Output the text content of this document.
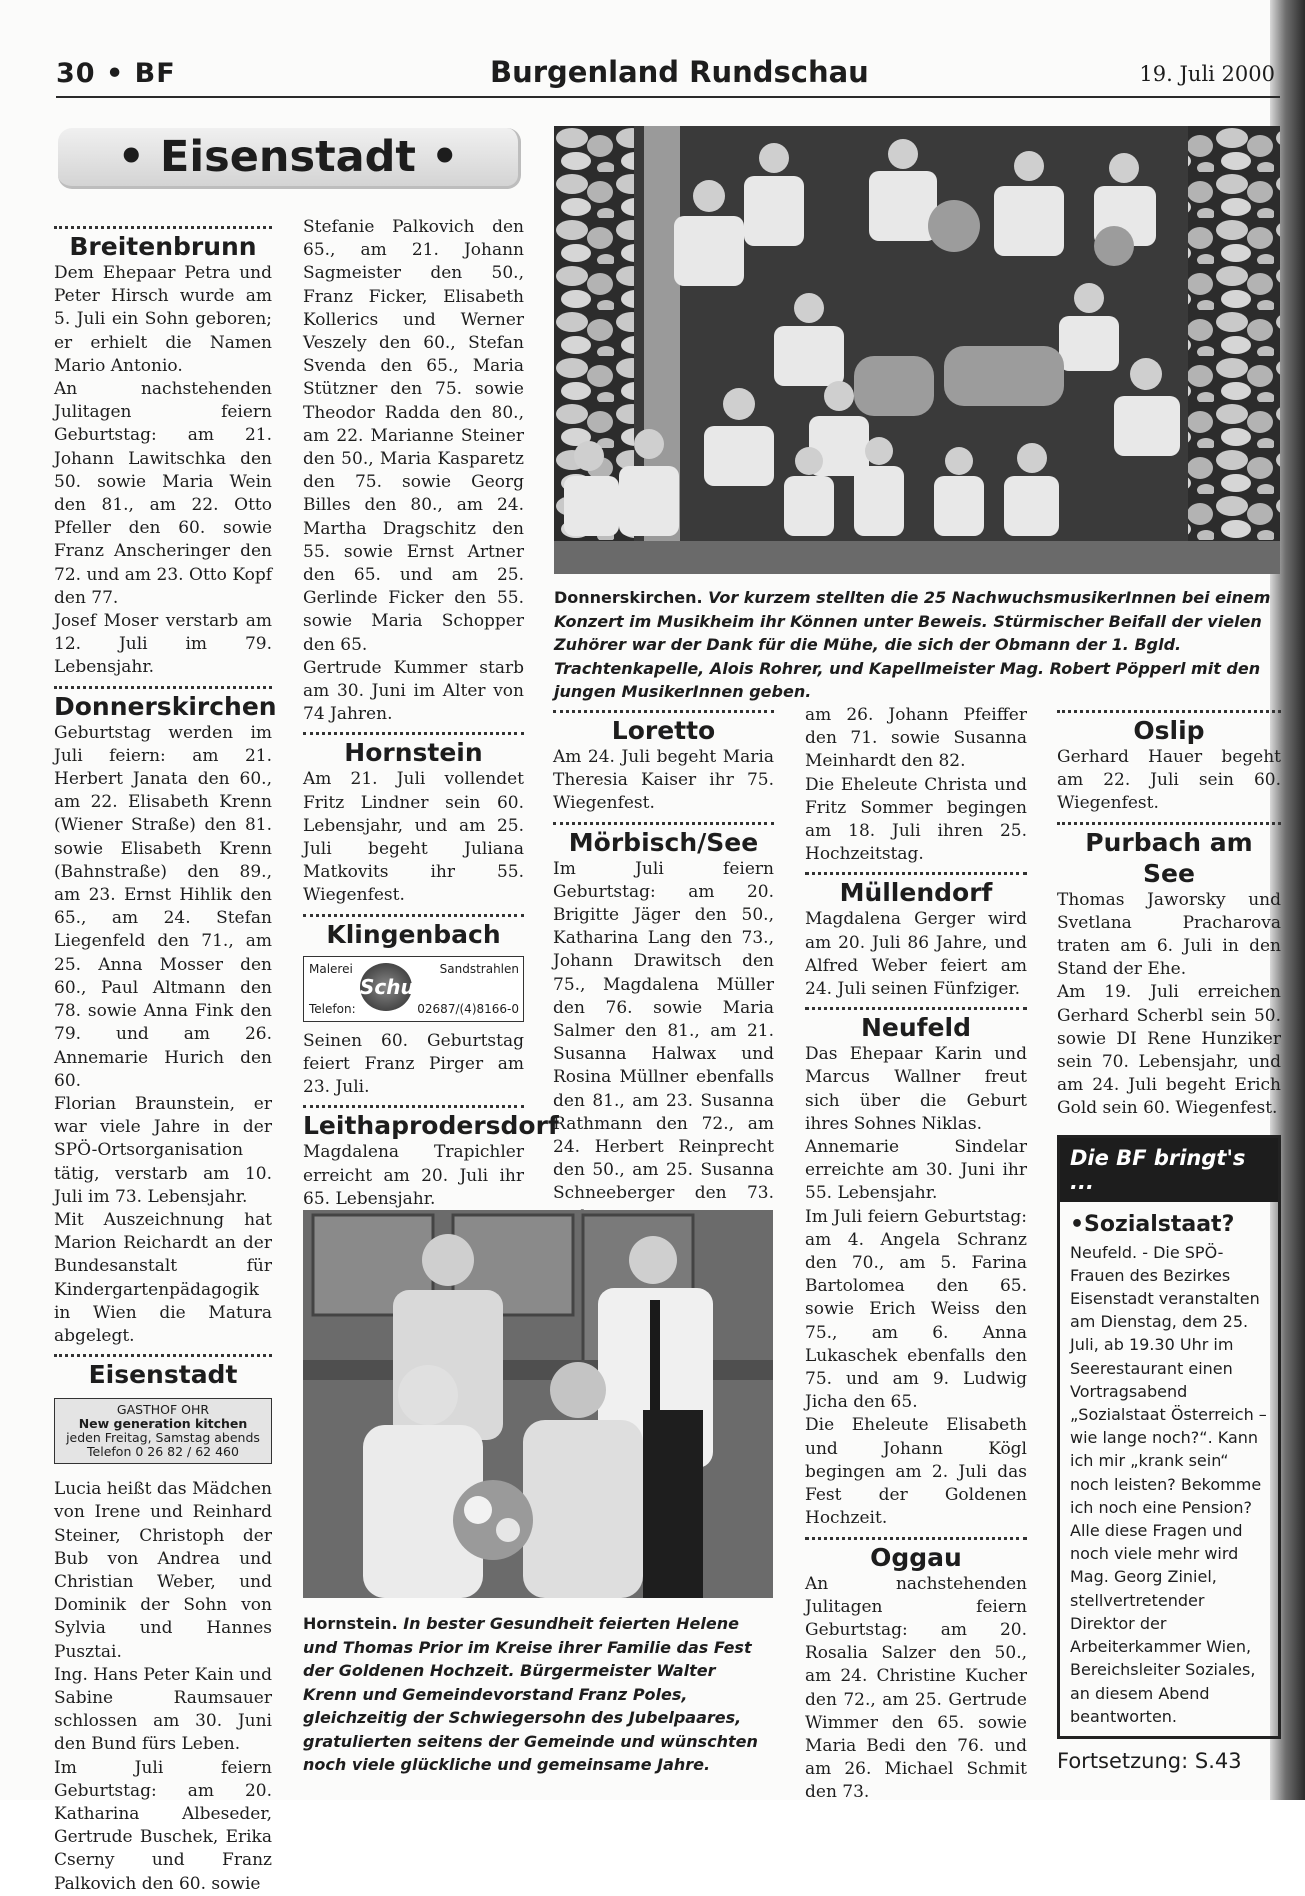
30 • BF	Burgenland Rundschau	19. Juli 2000
• Eisenstadt •
Breitenbrunn

Dem Ehepaar Petra und Peter Hirsch wurde am 5. Juli ein Sohn geboren; er erhielt die Namen Mario Antonio.

An nachstehenden Julitagen feiern Geburtstag: am 21. Johann Lawitschka den 50. sowie Maria Wein den 81., am 22. Otto Pfeller den 60. sowie Franz Anscheringer den 72. und am 23. Otto Kopf den 77.

Josef Moser verstarb am 12. Juli im 79. Lebensjahr.

Donnerskirchen

Geburtstag werden im Juli feiern: am 21. Herbert Janata den 60., am 22. Elisabeth Krenn (Wiener Straße) den 81. sowie Elisabeth Krenn (Bahnstraße) den 89., am 23. Ernst Hihlik den 65., am 24. Stefan Liegenfeld den 71., am 25. Anna Mosser den 60., Paul Altmann den 78. sowie Anna Fink den 79. und am 26. Annemarie Hurich den 60.

Florian Braunstein, er war viele Jahre in der SPÖ-Ortsorganisation tätig, verstarb am 10. Juli im 73. Lebensjahr.

Mit Auszeichnung hat Marion Reichardt an der Bundesanstalt für Kindergartenpädagogik in Wien die Matura abgelegt.

Eisenstadt
GASTHOF OHR
New generation kitchen
jeden Freitag, Samstag abends
Telefon 0 26 82 / 62 460

Lucia heißt das Mädchen von Irene und Reinhard Steiner, Christoph der Bub von Andrea und Christian Weber, und Dominik der Sohn von Sylvia und Hannes Pusztai.

Ing. Hans Peter Kain und Sabine Raumsauer schlossen am 30. Juni den Bund fürs Leben.

Im Juli feiern Geburtstag: am 20. Katharina Albeseder, Gertrude Buschek, Erika Cserny und Franz Palkovich den 60. sowie

Stefanie Palkovich den 65., am 21. Johann Sagmeister den 50., Franz Ficker, Elisabeth Kollerics und Werner Veszely den 60., Stefan Svenda den 65., Maria Stützner den 75. sowie Theodor Radda den 80., am 22. Marianne Steiner den 50., Maria Kasparetz den 75. sowie Georg Billes den 80., am 24. Martha Dragschitz den 55. sowie Ernst Artner den 65. und am 25. Gerlinde Ficker den 55. sowie Maria Schopper den 65.

Gertrude Kummer starb am 30. Juni im Alter von 74 Jahren.

Hornstein

Am 21. Juli vollendet Fritz Lindner sein 60. Lebensjahr, und am 25. Juli begeht Juliana Matkovits ihr 55. Wiegenfest.

Klingenbach
Malerei	Sandstrahlen
Schuller
Telefon:	02687/(4)8166-0

Seinen 60. Geburtstag feiert Franz Pirger am 23. Juli.

Leithaprodersdorf

Magdalena Trapichler erreicht am 20. Juli ihr 65. Lebensjahr.

Donnerskirchen. Vor kurzem stellten die 25 NachwuchsmusikerInnen bei einem Konzert im Musikheim ihr Können unter Beweis. Stürmischer Beifall der vielen Zuhörer war der Dank für die Mühe, die sich der Obmann der 1. Bgld. Trachtenkapelle, Alois Rohrer, und Kapellmeister Mag. Robert Pöpperl mit den jungen MusikerInnen geben.
Loretto

Am 24. Juli begeht Maria Theresia Kaiser ihr 75. Wiegenfest.

Mörbisch/See

Im Juli feiern Geburtstag: am 20. Brigitte Jäger den 50., Katharina Lang den 73., Johann Drawitsch den 75., Magdalena Müller den 76. sowie Maria Salmer den 81., am 21. Susanna Halwax und Rosina Müllner ebenfalls den 81., am 23. Susanna Rathmann den 72., am 24. Herbert Reinprecht den 50., am 25. Susanna Schneeberger den 73.

am 26. Johann Pfeiffer den 71. sowie Susanna Meinhardt den 82.

Die Eheleute Christa und Fritz Sommer begingen am 18. Juli ihren 25. Hochzeitstag.

Müllendorf

Magdalena Gerger wird am 20. Juli 86 Jahre, und Alfred Weber feiert am 24. Juli seinen Fünfziger.

Neufeld

Das Ehepaar Karin und Marcus Wallner freut sich über die Geburt ihres Sohnes Niklas.

Annemarie Sindelar erreichte am 30. Juni ihr 55. Lebensjahr.

Im Juli feiern Geburtstag: am 4. Angela Schranz den 70., am 5. Farina Bartolomea den 65. sowie Erich Weiss den 75., am 6. Anna Lukaschek ebenfalls den 75. und am 9. Ludwig Jicha den 65.

Die Eheleute Elisabeth und Johann Kögl begingen am 2. Juli das Fest der Goldenen Hochzeit.

Oggau

An nachstehenden Julitagen feiern Geburtstag: am 20. Rosalia Salzer den 50., am 24. Christine Kucher den 72., am 25. Gertrude Wimmer den 65. sowie Maria Bedi den 76. und am 26. Michael Schmit den 73.

Oslip

Gerhard Hauer begeht am 22. Juli sein 60. Wiegenfest.

Purbach am See

Thomas Jaworsky und Svetlana Pracharova traten am 6. Juli in den Stand der Ehe.

Am 19. Juli erreichen Gerhard Scherbl sein 50. sowie DI Rene Hunziker sein 70. Lebensjahr, und am 24. Juli begeht Erich Gold sein 60. Wiegenfest.

Die BF bringt's ...
•Sozialstaat?
Neufeld. - Die SPÖ-Frauen des Bezirkes Eisenstadt veranstalten am Dienstag, dem 25. Juli, ab 19.30 Uhr im Seerestaurant einen Vortragsabend „Sozialstaat Österreich – wie lange noch?“. Kann ich mir „krank sein“ noch leisten? Bekomme ich noch eine Pension? Alle diese Fragen und noch viele mehr wird Mag. Georg Ziniel, stellvertretender Direktor der Arbeiterkammer Wien, Bereichsleiter Soziales, an diesem Abend beantworten.
Fortsetzung: S.43
Hornstein. In bester Gesundheit feierten Helene und Thomas Prior im Kreise ihrer Familie das Fest der Goldenen Hochzeit. Bürgermeister Walter Krenn und Gemeindevorstand Franz Poles, gleichzeitig der Schwiegersohn des Jubelpaares, gratulierten seitens der Gemeinde und wünschten noch viele glückliche und gemeinsame Jahre.
